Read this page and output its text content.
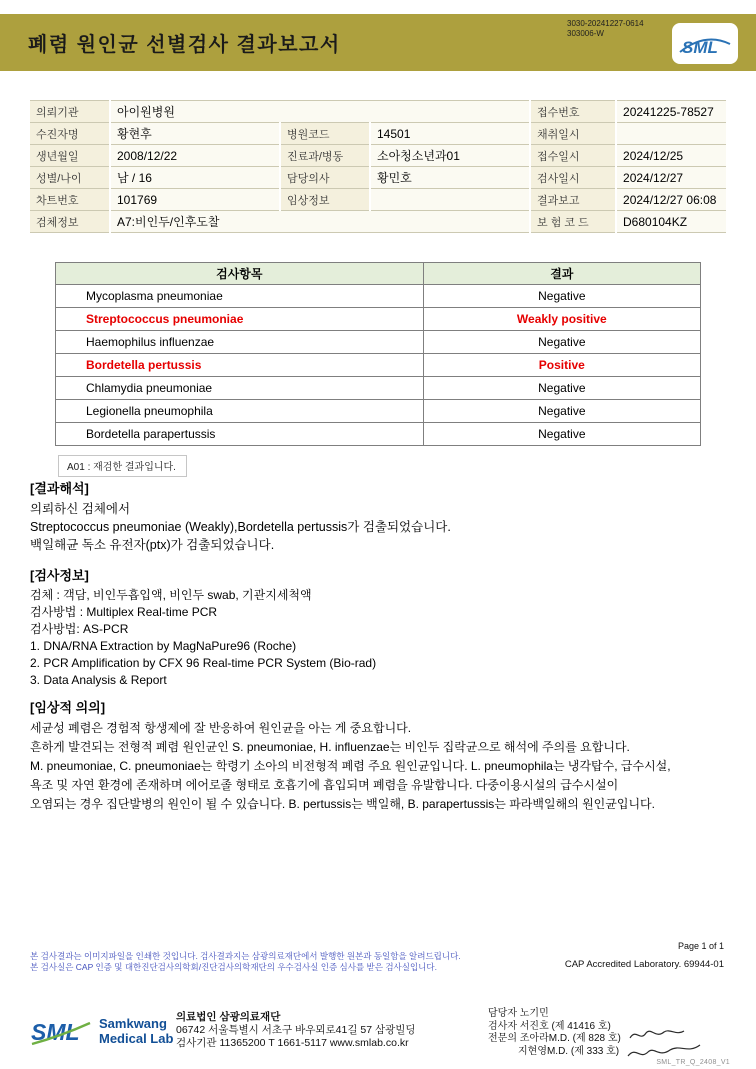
폐렴 원인균 선별검사 결과보고서
3030-20241227-0614
303006-W
SML
의뢰기관	아이원병원			접수번호	20241225-78527
수진자명	황현후	병원코드	14501	채취일시	
생년월일	2008/12/22	진료과/병동	소아청소년과01	접수일시	2024/12/25
성별/나이	남 / 16	담당의사	황민호	검사일시	2024/12/27
차트번호	101769	임상정보		결과보고	2024/12/27 06:08
검체정보	A7:비인두/인후도찰			보 험 코 드	D680104KZ
검사항목	결과
Mycoplasma pneumoniae	Negative
Streptococcus pneumoniae	Weakly positive
Haemophilus influenzae	Negative
Bordetella pertussis	Positive
Chlamydia pneumoniae	Negative
Legionella pneumophila	Negative
Bordetella parapertussis	Negative
A01 : 재검한 결과입니다.
[결과해석]
의뢰하신 검체에서
Streptococcus pneumoniae (Weakly),Bordetella pertussis가 검출되었습니다.
백일해균 독소 유전자(ptx)가 검출되었습니다.
[검사정보]
검체 : 객담, 비인두흡입액, 비인두 swab, 기관지세척액
검사방법 : Multiplex Real-time PCR
검사방법: AS-PCR
1. DNA/RNA Extraction by MagNaPure96 (Roche)
2. PCR Amplification by CFX 96 Real-time PCR System (Bio-rad)
3. Data Analysis & Report
[임상적 의의]
세균성 폐렴은 경험적 항생제에 잘 반응하여 원인균을 아는 게 중요합니다.
흔하게 발견되는 전형적 폐렴 원인균인 S. pneumoniae, H. influenzae는 비인두 집락균으로 해석에 주의를 요합니다.
M. pneumoniae, C. pneumoniae는 학령기 소아의 비전형적 폐렴 주요 원인균입니다. L. pneumophila는 냉각탑수, 급수시설,
욕조 및 자연 환경에 존재하며 에어로졸 형태로 호흡기에 흡입되며 폐렴을 유발합니다. 다중이용시설의 급수시설이
오염되는 경우 집단발병의 원인이 될 수 있습니다. B. pertussis는 백일해, B. parapertussis는 파라백일해의 원인균입니다.
본 검사결과는 이미지파일을 인쇄한 것입니다. 검사결과지는 삼광의료재단에서 발행한 원본과 동일함을 알려드립니다.
본 검사실은 CAP 인증 및 대한진단검사의학회/진단검사의학재단의 우수검사실 인증 심사를 받은 검사실입니다.
Page 1 of 1
CAP Accredited Laboratory. 69944-01
SML Samkwang
Medical Lab
의료법인 삼광의료재단
06742 서울특별시 서초구 바우뫼로41길 57 삼광빌딩
검사기관 11365200 T 1661-5117 www.smlab.co.kr
담당자 노기민
검사자 서진호 (제 41416 호)
전문의 조아라M.D. (제 828 호)
지현영M.D. (제 333 호)
SML_TR_Q_2408_V1
